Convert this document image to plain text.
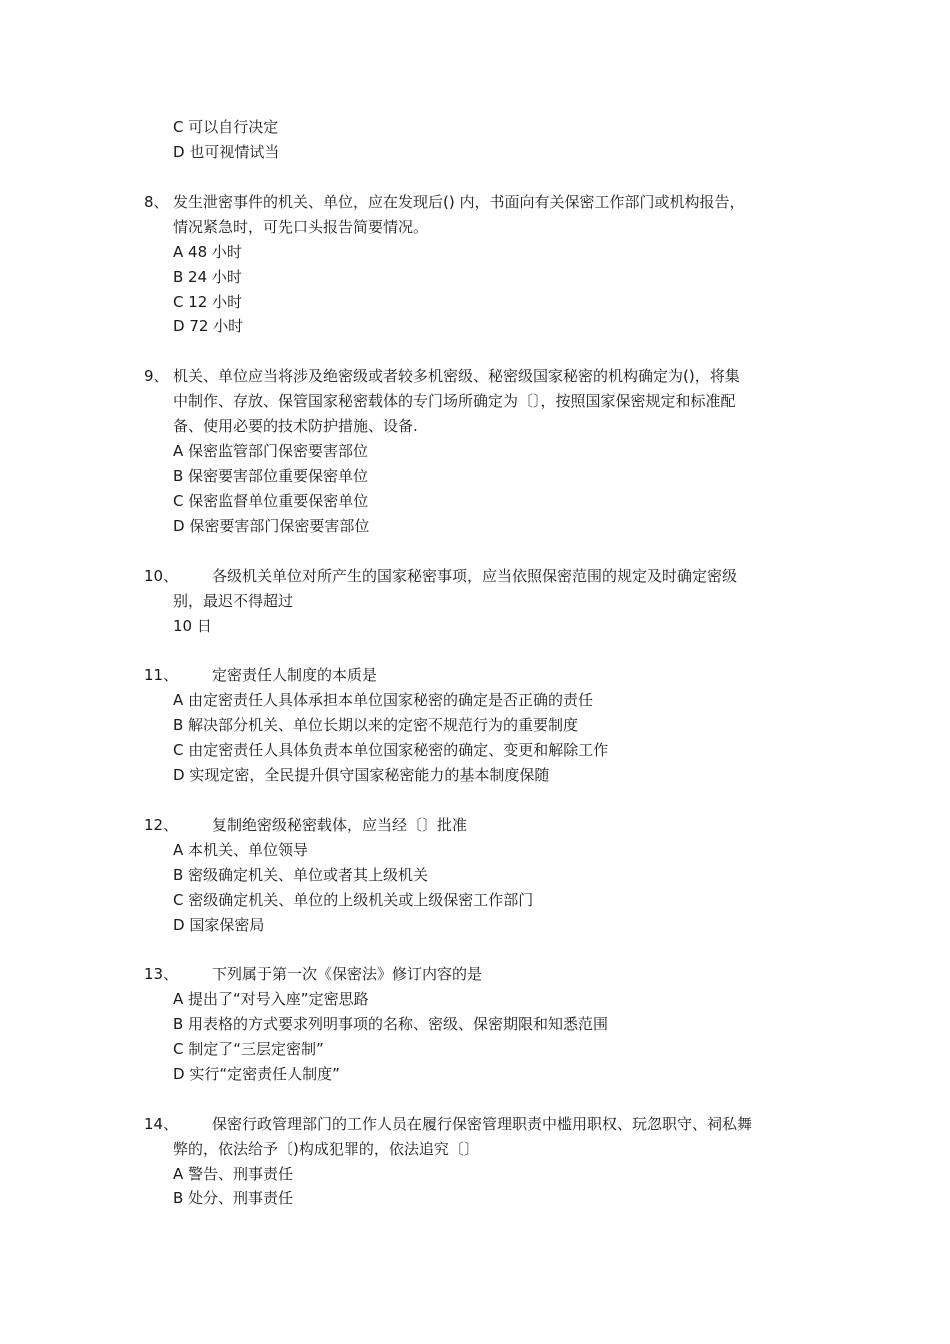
C 可以自行决定
D 也可视情试当
8、 发生泄密事件的机关、单位，应在发现后() 内，书面向有关保密工作部门或机构报告，
情况紧急时，可先口头报告简要情况。
A 48 小时
B 24 小时
C 12 小时
D 72 小时
9、 机关、单位应当将涉及绝密级或者较多机密级、秘密级国家秘密的机构确定为()，将集
中制作、存放、保管国家秘密载体的专门场所确定为〔〕，按照国家保密规定和标准配
备、使用必要的技术防护措施、设备.
A 保密监管部门保密要害部位
B 保密要害部位重要保密单位
C 保密监督单位重要保密单位
D 保密要害部门保密要害部位
10、 各级机关单位对所产生的国家秘密事项，应当依照保密范围的规定及时确定密级
别，最迟不得超过
10 日
11、 定密责任人制度的本质是
A 由定密责任人具体承担本单位国家秘密的确定是否正确的责任
B 解决部分机关、单位长期以来的定密不规范行为的重要制度
C 由定密责任人具体负责本单位国家秘密的确定、变更和解除工作
D 实现定密，全民提升俱守国家秘密能力的基本制度保随
12、 复制绝密级秘密载体，应当经〔〕批准
A 本机关、单位领导
B 密级确定机关、单位或者其上级机关
C 密级确定机关、单位的上级机关或上级保密工作部门
D 国家保密局
13、 下列属于第一次《保密法》修订内容的是
A 提出了“对号入座”定密思路
B 用表格的方式要求列明事项的名称、密级、保密期限和知悉范围
C 制定了“三层定密制”
D 实行“定密责任人制度”
14、 保密行政管理部门的工作人员在履行保密管理职责中槛用职权、玩忽职守、祠私舞
弊的，依法给予〔)构成犯罪的，依法追究〔〕
A 警告、刑事责任
B 处分、刑事责任
